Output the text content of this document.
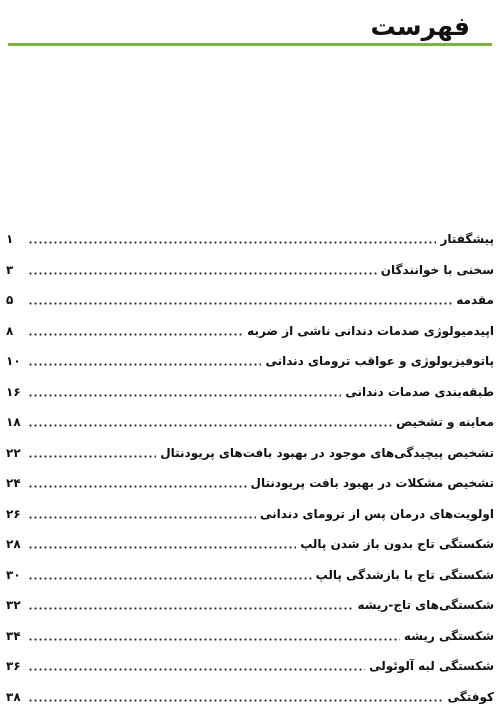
فهرست
پیشگفتار
۱
سخنی با خوانندگان
۳
مقدمه
۵
اپیدمیولوژی صدمات دندانی ناشی از ضربه
۸
پاتوفیزیولوژی و عواقب ترومای دندانی
۱۰
طبقه‌بندی صدمات دندانی
۱۶
معاینه و تشخیص
۱۸
تشخیص پیچیدگی‌های موجود در بهبود بافت‌های پریودنتال
۲۲
تشخیص مشکلات در بهبود بافت پریودنتال
۲۴
اولویت‌های درمان پس از ترومای دندانی
۲۶
شکستگی تاج بدون باز شدن پالپ
۲۸
شکستگی تاج با بازشدگی پالپ
۳۰
شکستگی‌های تاج-ریشه
۳۲
شکستگی ریشه
۳۴
شکستگی لبه آلوئولی
۳۶
کوفتگی
۳۸
